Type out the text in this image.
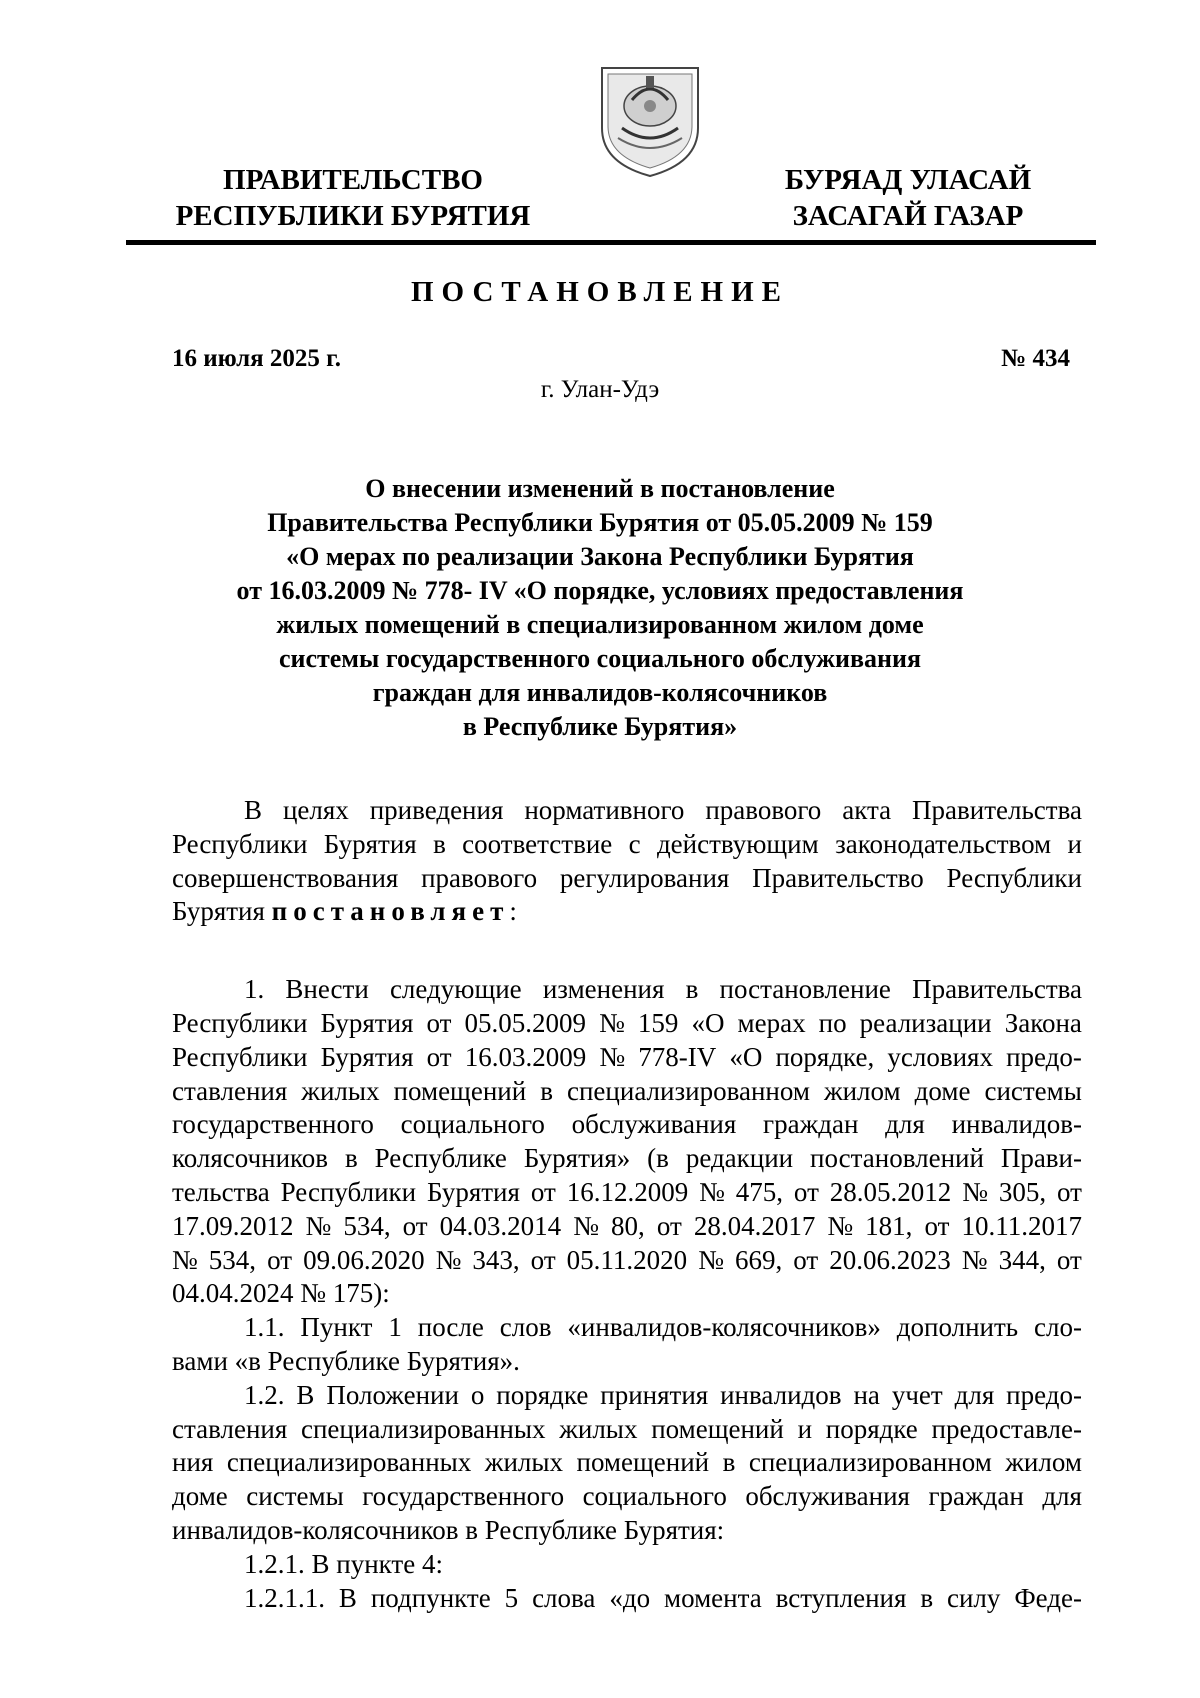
ПРАВИТЕЛЬСТВО
РЕСПУБЛИКИ БУРЯТИЯ
БУРЯАД УЛАСАЙ
ЗАСАГАЙ ГАЗАР
ПОСТАНОВЛЕНИЕ
16 июля 2025 г.	№ 434
г. Улан-Удэ
О внесении изменений в постановление
Правительства Республики Бурятия от 05.05.2009 № 159
«О мерах по реализации Закона Республики Бурятия
от 16.03.2009 № 778- IV «О порядке, условиях предоставления
жилых помещений в специализированном жилом доме
системы государственного социального обслуживания
граждан для инвалидов-колясочников
в Республике Бурятия»
В целях приведения нормативного правового акта Правительства
Республики Бурятия в соответствие с действующим законодательством и
совершенствования правового регулирования Правительство Республики
Бурятия постановляет :
1. Внести следующие изменения в постановление Правительства
Республики Бурятия от 05.05.2009 № 159 «О мерах по реализации Закона
Республики Бурятия от 16.03.2009 № 778-IV «О порядке, условиях предо-
ставления жилых помещений в специализированном жилом доме системы
государственного социального обслуживания граждан для инвалидов-
колясочников в Республике Бурятия» (в редакции постановлений Прави-
тельства Республики Бурятия от 16.12.2009 № 475, от 28.05.2012 № 305, от
17.09.2012 № 534, от 04.03.2014 № 80, от 28.04.2017 № 181, от 10.11.2017
№ 534, от 09.06.2020 № 343, от 05.11.2020 № 669, от 20.06.2023 № 344, от
04.04.2024 № 175):
1.1. Пункт 1 после слов «инвалидов-колясочников» дополнить сло-
вами «в Республике Бурятия».
1.2. В Положении о порядке принятия инвалидов на учет для предо-
ставления специализированных жилых помещений и порядке предоставле-
ния специализированных жилых помещений в специализированном жилом
доме системы государственного социального обслуживания граждан для
инвалидов-колясочников в Республике Бурятия:
1.2.1. В пункте 4:
1.2.1.1. В подпункте 5 слова «до момента вступления в силу Феде-
